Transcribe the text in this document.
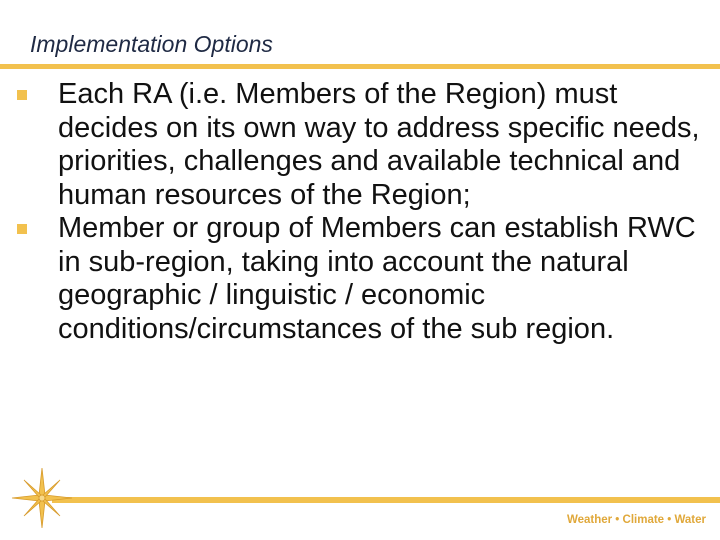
Implementation Options
Each RA (i.e. Members of the Region) must decides on its own way to address specific needs, priorities, challenges and available technical and human resources of the Region;
Member or group of Members can establish RWC in sub-region, taking into account the natural geographic / linguistic / economic conditions/circumstances of the sub region.
Weather • Climate • Water
